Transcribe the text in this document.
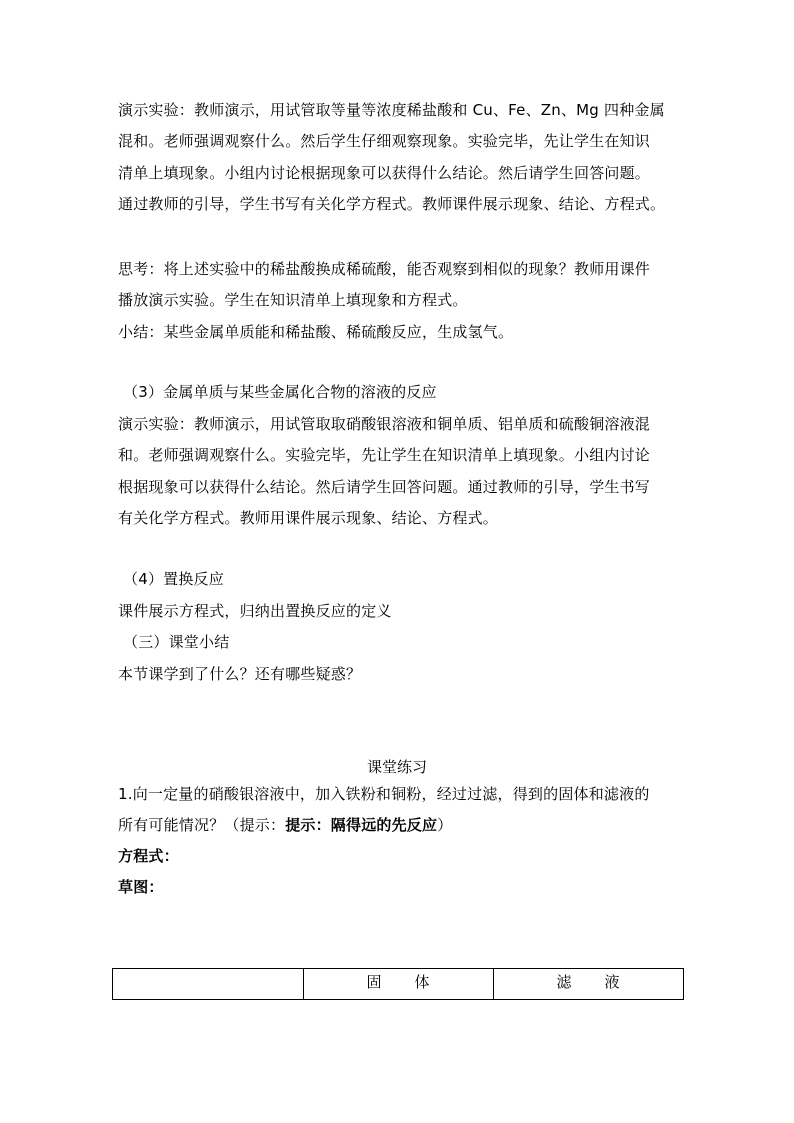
演示实验：教师演示，用试管取等量等浓度稀盐酸和 Cu、Fe、Zn、Mg 四种金属
混和。老师强调观察什么。然后学生仔细观察现象。实验完毕，先让学生在知识
清单上填现象。小组内讨论根据现象可以获得什么结论。然后请学生回答问题。
通过教师的引导，学生书写有关化学方程式。教师课件展示现象、结论、方程式。
思考：将上述实验中的稀盐酸换成稀硫酸，能否观察到相似的现象？教师用课件
播放演示实验。学生在知识清单上填现象和方程式。
小结：某些金属单质能和稀盐酸、稀硫酸反应，生成氢气。
（3）金属单质与某些金属化合物的溶液的反应
演示实验：教师演示，用试管取取硝酸银溶液和铜单质、铝单质和硫酸铜溶液混
和。老师强调观察什么。实验完毕，先让学生在知识清单上填现象。小组内讨论
根据现象可以获得什么结论。然后请学生回答问题。通过教师的引导，学生书写
有关化学方程式。教师用课件展示现象、结论、方程式。
（4）置换反应
课件展示方程式，归纳出置换反应的定义
（三）课堂小结
本节课学到了什么？还有哪些疑惑？
课堂练习
1.向一定量的硝酸银溶液中，加入铁粉和铜粉，经过过滤，得到的固体和滤液的
所有可能情况？（提示：提示：隔得远的先反应）
方程式：
草图：
	固　　体	滤　　液
